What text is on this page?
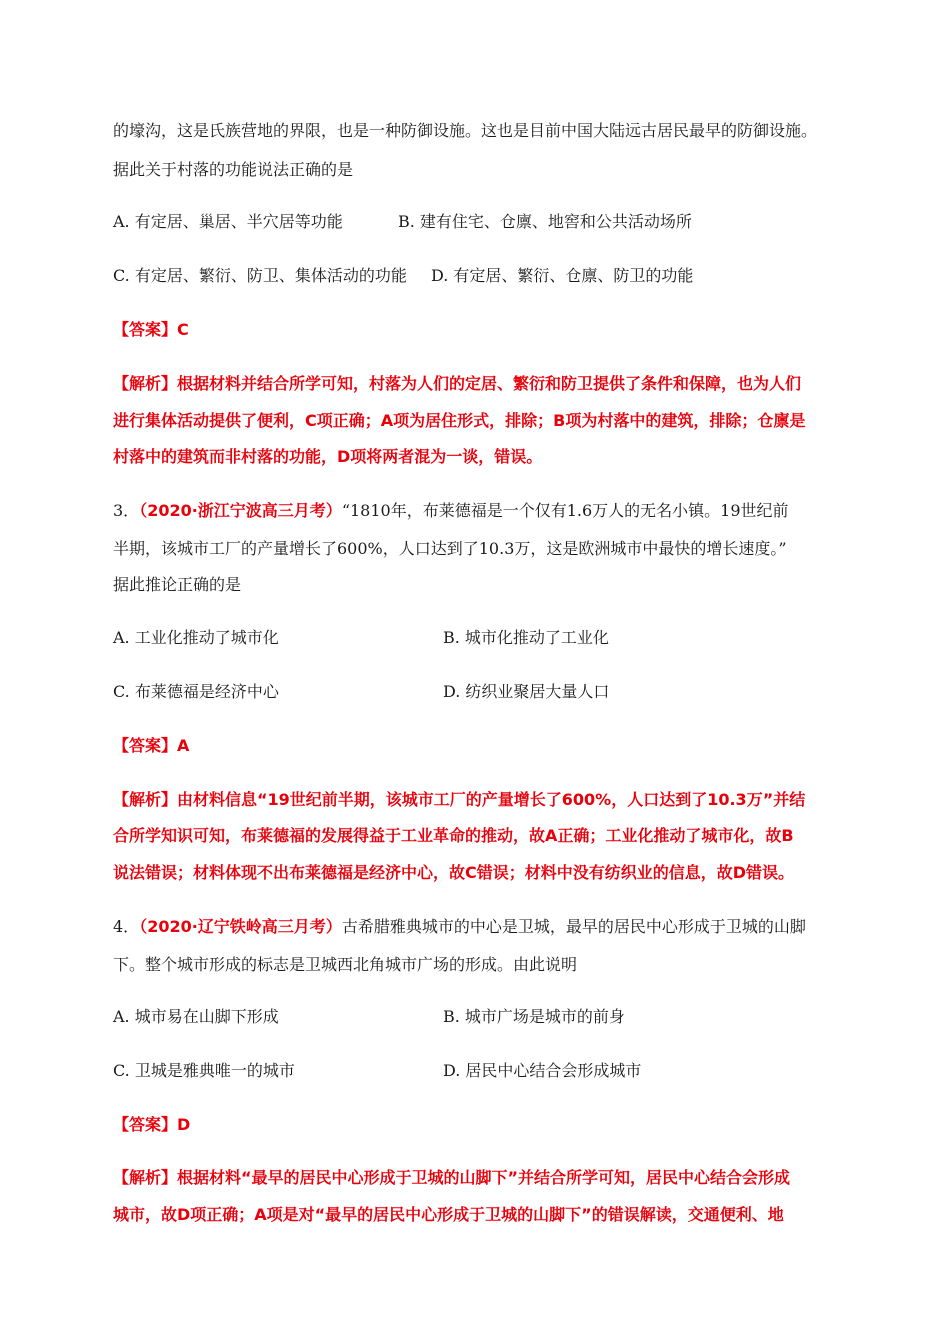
的壕沟，这是氏族营地的界限，也是一种防御设施。这也是目前中国大陆远古居民最早的防御设施。
据此关于村落的功能说法正确的是
A. 有定居、巢居、半穴居等功能	B. 建有住宅、仓廪、地窖和公共活动场所
C. 有定居、繁衍、防卫、集体活动的功能 D. 有定居、繁衍、仓廪、防卫的功能
【答案】C
【解析】根据材料并结合所学可知，村落为人们的定居、繁衍和防卫提供了条件和保障，也为人们
进行集体活动提供了便利，C项正确；A项为居住形式，排除；B项为村落中的建筑，排除；仓廪是
村落中的建筑而非村落的功能，D项将两者混为一谈，错误。
3．（2020·浙江宁波高三月考）“1810年，布莱德福是一个仅有1.6万人的无名小镇。19世纪前
半期，该城市工厂的产量增长了600%，人口达到了10.3万，这是欧洲城市中最快的增长速度。”
据此推论正确的是
A. 工业化推动了城市化	B. 城市化推动了工业化
C. 布莱德福是经济中心	D. 纺织业聚居大量人口
【答案】A
【解析】由材料信息“19世纪前半期，该城市工厂的产量增长了600%，人口达到了10.3万”并结
合所学知识可知，布莱德福的发展得益于工业革命的推动，故A正确；工业化推动了城市化，故B
说法错误；材料体现不出布莱德福是经济中心，故C错误；材料中没有纺织业的信息，故D错误。
4．（2020·辽宁铁岭高三月考）古希腊雅典城市的中心是卫城，最早的居民中心形成于卫城的山脚
下。整个城市形成的标志是卫城西北角城市广场的形成。由此说明
A. 城市易在山脚下形成	B. 城市广场是城市的前身
C. 卫城是雅典唯一的城市	D. 居民中心结合会形成城市
【答案】D
【解析】根据材料“最早的居民中心形成于卫城的山脚下”并结合所学可知，居民中心结合会形成
城市，故D项正确；A项是对“最早的居民中心形成于卫城的山脚下”的错误解读，交通便利、地
